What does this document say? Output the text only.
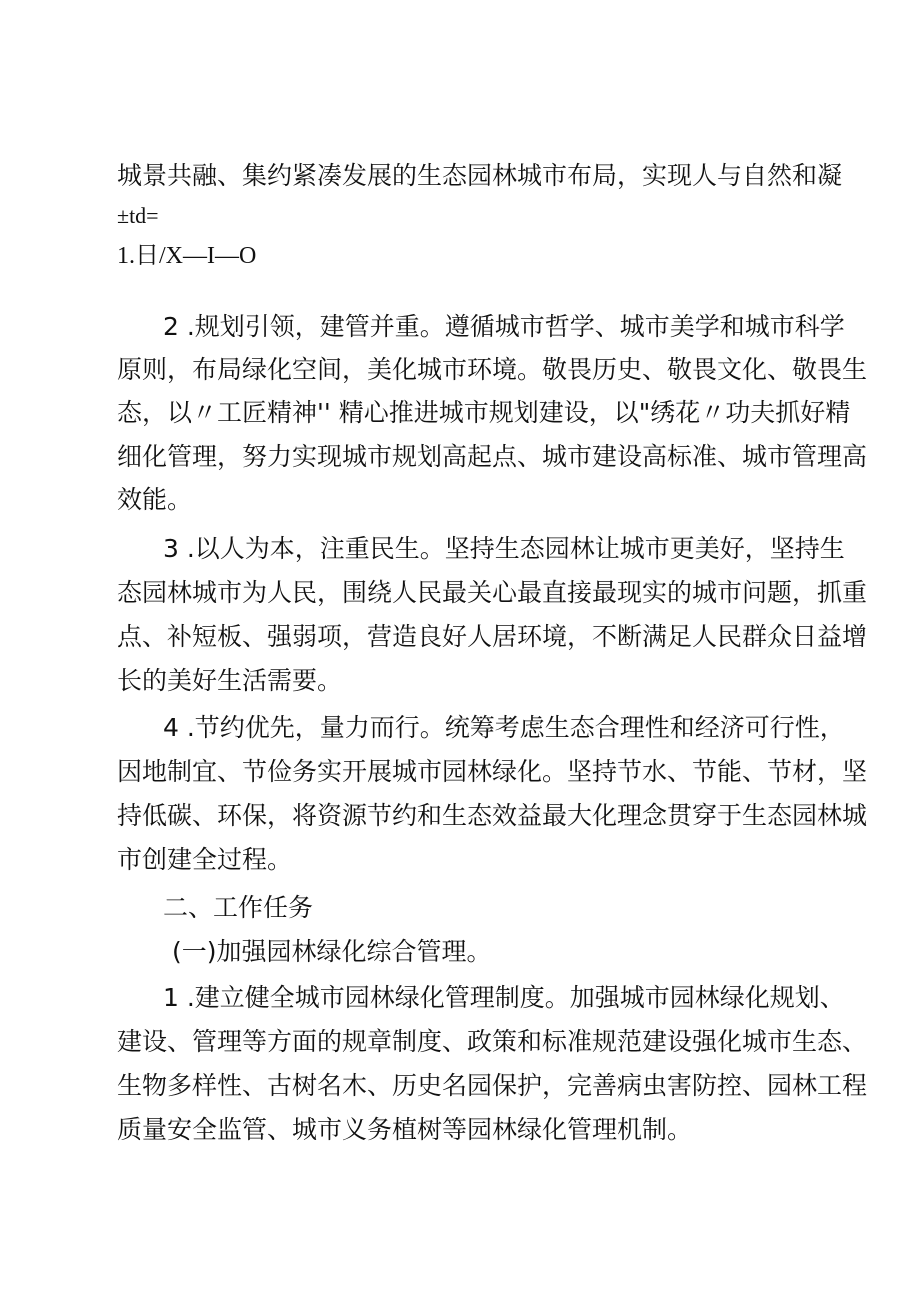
城景共融、集约紧凑发展的生态园林城市布局，实现人与自然和凝
±td=
1.日/X—I—O
2 .规划引领，建管并重。遵循城市哲学、城市美学和城市科学
原则，布局绿化空间，美化城市环境。敬畏历史、敬畏文化、敬畏生
态，以〃工匠精神'' 精心推进城市规划建设，以"绣花〃功夫抓好精
细化管理，努力实现城市规划高起点、城市建设高标准、城市管理高
效能。
3 .以人为本，注重民生。坚持生态园林让城市更美好，坚持生
态园林城市为人民，围绕人民最关心最直接最现实的城市问题，抓重
点、补短板、强弱项，营造良好人居环境，不断满足人民群众日益增
长的美好生活需要。
4 .节约优先，量力而行。统筹考虑生态合理性和经济可行性，
因地制宜、节俭务实开展城市园林绿化。坚持节水、节能、节材，坚
持低碳、环保，将资源节约和生态效益最大化理念贯穿于生态园林城
市创建全过程。
二、工作任务
(一)加强园林绿化综合管理。
1 .建立健全城市园林绿化管理制度。加强城市园林绿化规划、
建设、管理等方面的规章制度、政策和标准规范建设强化城市生态、
生物多样性、古树名木、历史名园保护，完善病虫害防控、园林工程
质量安全监管、城市义务植树等园林绿化管理机制。
